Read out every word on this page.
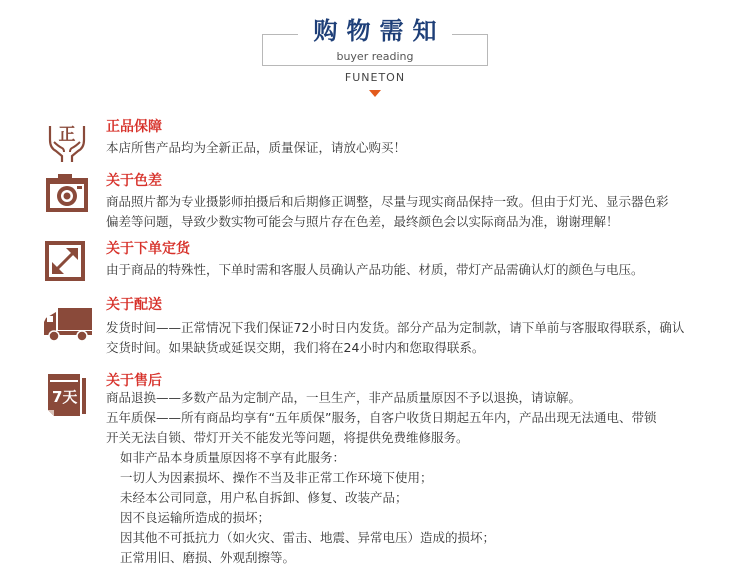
购物需知
buyer reading
FUNETON
正 正品保障

本店所售产品均为全新正品，质量保证，请放心购买！

关于色差

商品照片都为专业摄影师拍摄后和后期修正调整，尽量与现实商品保持一致。但由于灯光、显示器色彩

偏差等问题，导致少数实物可能会与照片存在色差，最终颜色会以实际商品为准，谢谢理解！

关于下单定货

由于商品的特殊性，下单时需和客服人员确认产品功能、材质，带灯产品需确认灯的颜色与电压。

关于配送

发货时间——正常情况下我们保证72小时日内发货。部分产品为定制款，请下单前与客服取得联系，确认

交货时间。如果缺货或延误交期，我们将在24小时内和您取得联系。

7天
关于售后

商品退换——多数产品为定制产品，一旦生产，非产品质量原因不予以退换，请谅解。

五年质保——所有商品均享有“五年质保”服务，自客户收货日期起五年内，产品出现无法通电、带锁

开关无法自锁、带灯开关不能发光等问题，将提供免费维修服务。

如非产品本身质量原因将不享有此服务：

一切人为因素损坏、操作不当及非正常工作环境下使用；

未经本公司同意，用户私自拆卸、修复、改装产品；

因不良运输所造成的损坏；

因其他不可抵抗力（如火灾、雷击、地震、异常电压）造成的损坏；

正常用旧、磨损、外观刮擦等。
